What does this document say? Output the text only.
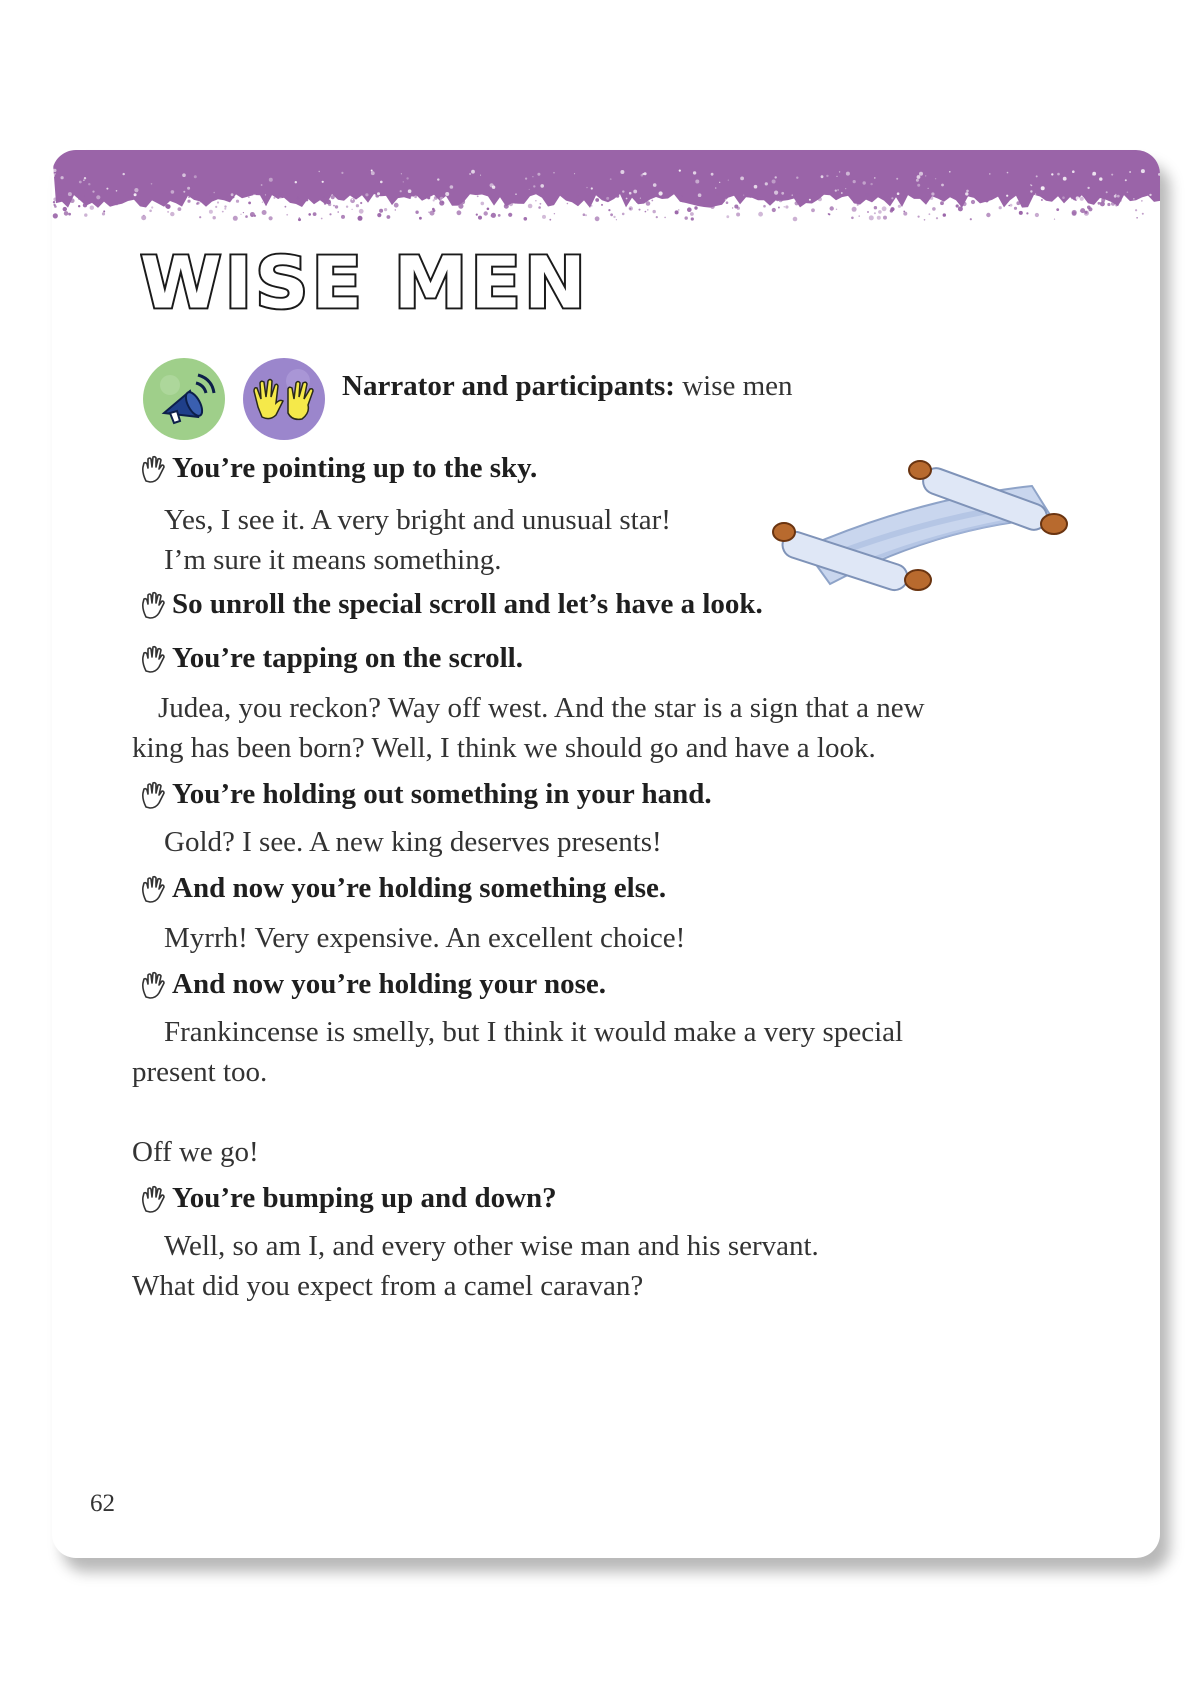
WISE MEN
Narrator and participants: wise men
You’re pointing up to the sky.
Yes, I see it. A very bright and unusual star!
I’m sure it means something.
So unroll the special scroll and let’s have a look.
You’re tapping on the scroll.
Judea, you reckon? Way off west. And the star is a sign that a new
king has been born? Well, I think we should go and have a look.
You’re holding out something in your hand.
Gold? I see. A new king deserves presents!
And now you’re holding something else.
Myrrh! Very expensive. An excellent choice!
And now you’re holding your nose.
Frankincense is smelly, but I think it would make a very special
present too.
Off we go!
You’re bumping up and down?
Well, so am I, and every other wise man and his servant.
What did you expect from a camel caravan?
62
